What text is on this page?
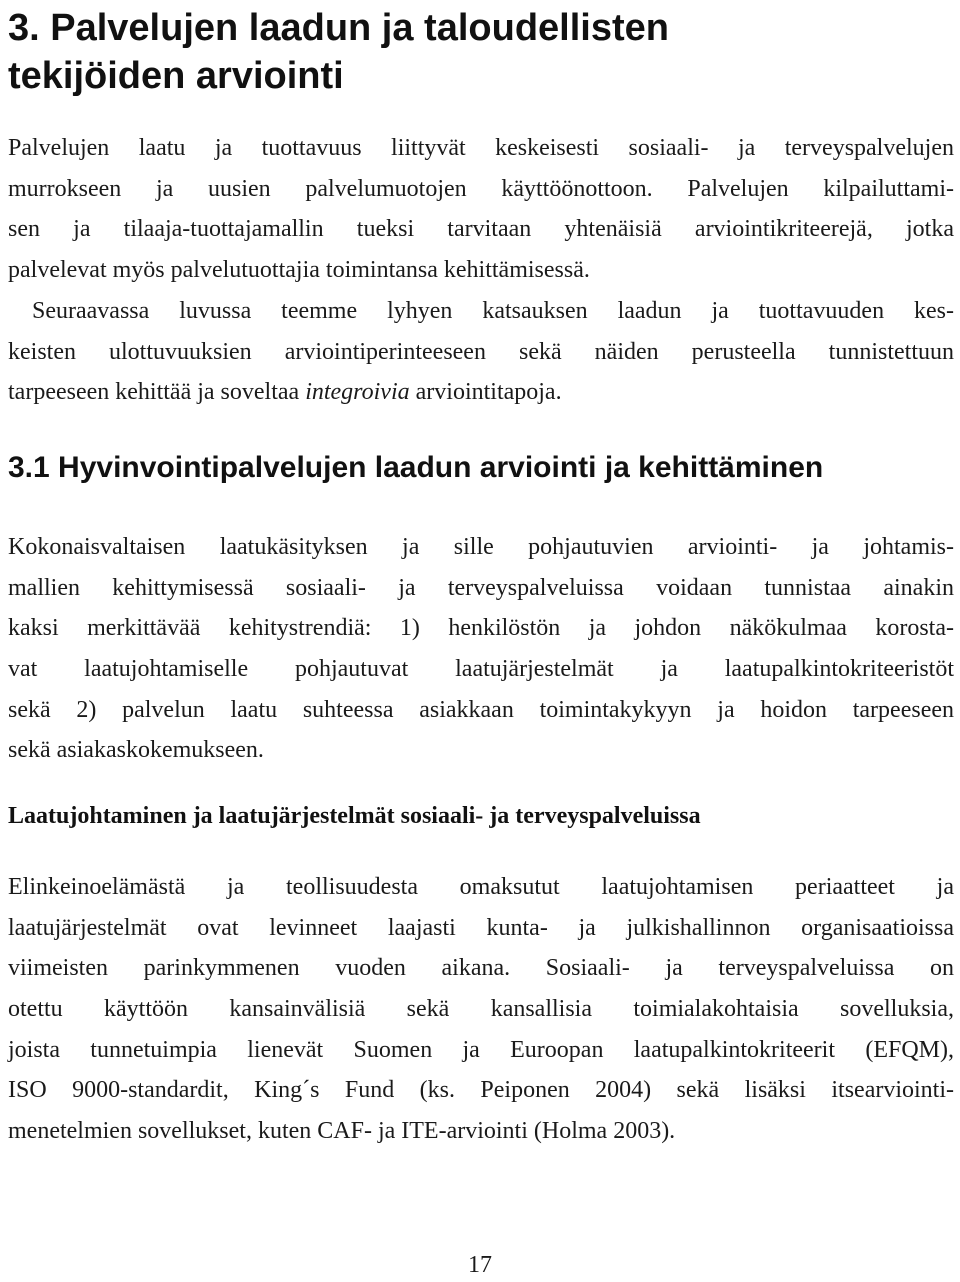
3. Palvelujen laadun ja taloudellisten
tekijöiden arviointi

Palvelujen laatu ja tuottavuus liittyvät keskeisesti sosiaali- ja terveyspalvelujen
murrokseen ja uusien palvelumuotojen käyttöönottoon. Palvelujen kilpailuttami-
sen ja tilaaja-tuottajamallin tueksi tarvitaan yhtenäisiä arviointikriteerejä, jotka
palvelevat myös palvelutuottajia toimintansa kehittämisessä.

Seuraavassa luvussa teemme lyhyen katsauksen laadun ja tuottavuuden kes-
keisten ulottuvuuksien arviointiperinteeseen sekä näiden perusteella tunnistettuun
tarpeeseen kehittää ja soveltaa integroivia arviointitapoja.

3.1 Hyvinvointipalvelujen laadun arviointi ja kehittäminen

Kokonaisvaltaisen laatukäsityksen ja sille pohjautuvien arviointi- ja johtamis-
mallien kehittymisessä sosiaali- ja terveyspalveluissa voidaan tunnistaa ainakin
kaksi merkittävää kehitystrendiä: 1) henkilöstön ja johdon näkökulmaa korosta-
vat laatujohtamiselle pohjautuvat laatujärjestelmät ja laatupalkintokriteeristöt
sekä 2) palvelun laatu suhteessa asiakkaan toimintakykyyn ja hoidon tarpeeseen
sekä asiakaskokemukseen.

Laatujohtaminen ja laatujärjestelmät sosiaali- ja terveyspalveluissa

Elinkeinoelämästä ja teollisuudesta omaksutut laatujohtamisen periaatteet ja
laatujärjestelmät ovat levinneet laajasti kunta- ja julkishallinnon organisaatioissa
viimeisten parinkymmenen vuoden aikana. Sosiaali- ja terveyspalveluissa on
otettu käyttöön kansainvälisiä sekä kansallisia toimialakohtaisia sovelluksia,
joista tunnetuimpia lienevät Suomen ja Euroopan laatupalkintokriteerit (EFQM),
ISO 9000-standardit, King´s Fund (ks. Peiponen 2004) sekä lisäksi itsearviointi-
menetelmien sovellukset, kuten CAF- ja ITE-arviointi (Holma 2003).

17
